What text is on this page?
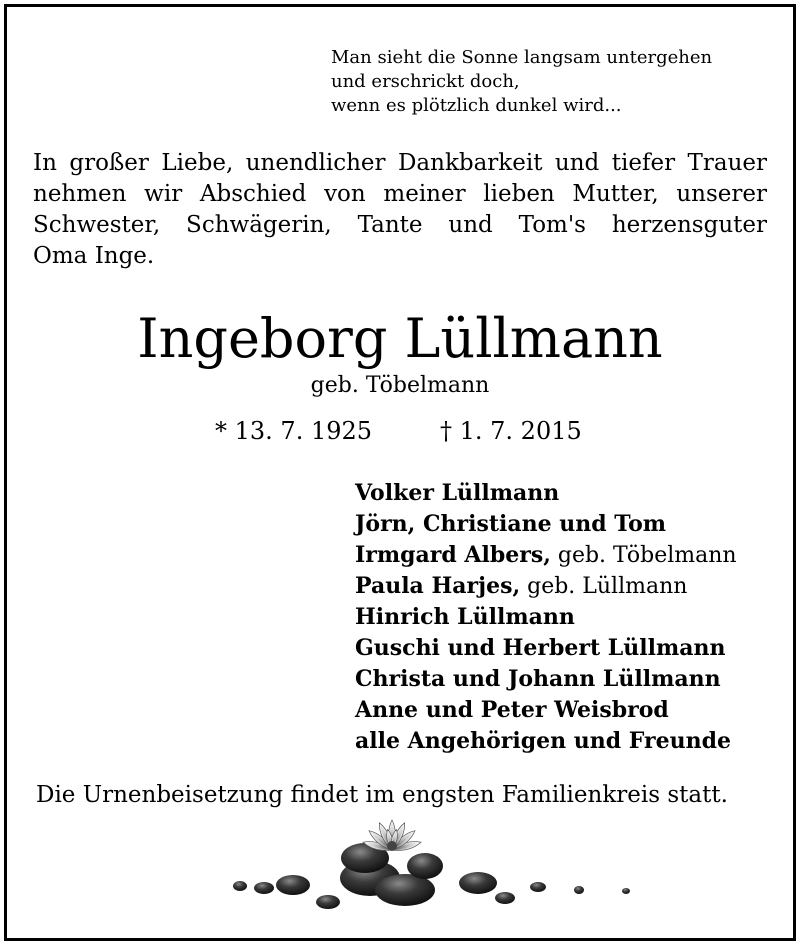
Man sieht die Sonne langsam untergehen
und erschrickt doch,
wenn es plötzlich dunkel wird...
In großer Liebe, unendlicher Dankbarkeit und tiefer Trauer
nehmen wir Abschied von meiner lieben Mutter, unserer
Schwester, Schwägerin, Tante und Tom's herzensguter
Oma Inge.
Ingeborg Lüllmann
geb. Töbelmann
* 13. 7. 1925	† 1. 7. 2015
Volker Lüllmann
Jörn, Christiane und Tom
Irmgard Albers, geb. Töbelmann
Paula Harjes, geb. Lüllmann
Hinrich Lüllmann
Guschi und Herbert Lüllmann
Christa und Johann Lüllmann
Anne und Peter Weisbrod
alle Angehörigen und Freunde
Die Urnenbeisetzung findet im engsten Familienkreis statt.
